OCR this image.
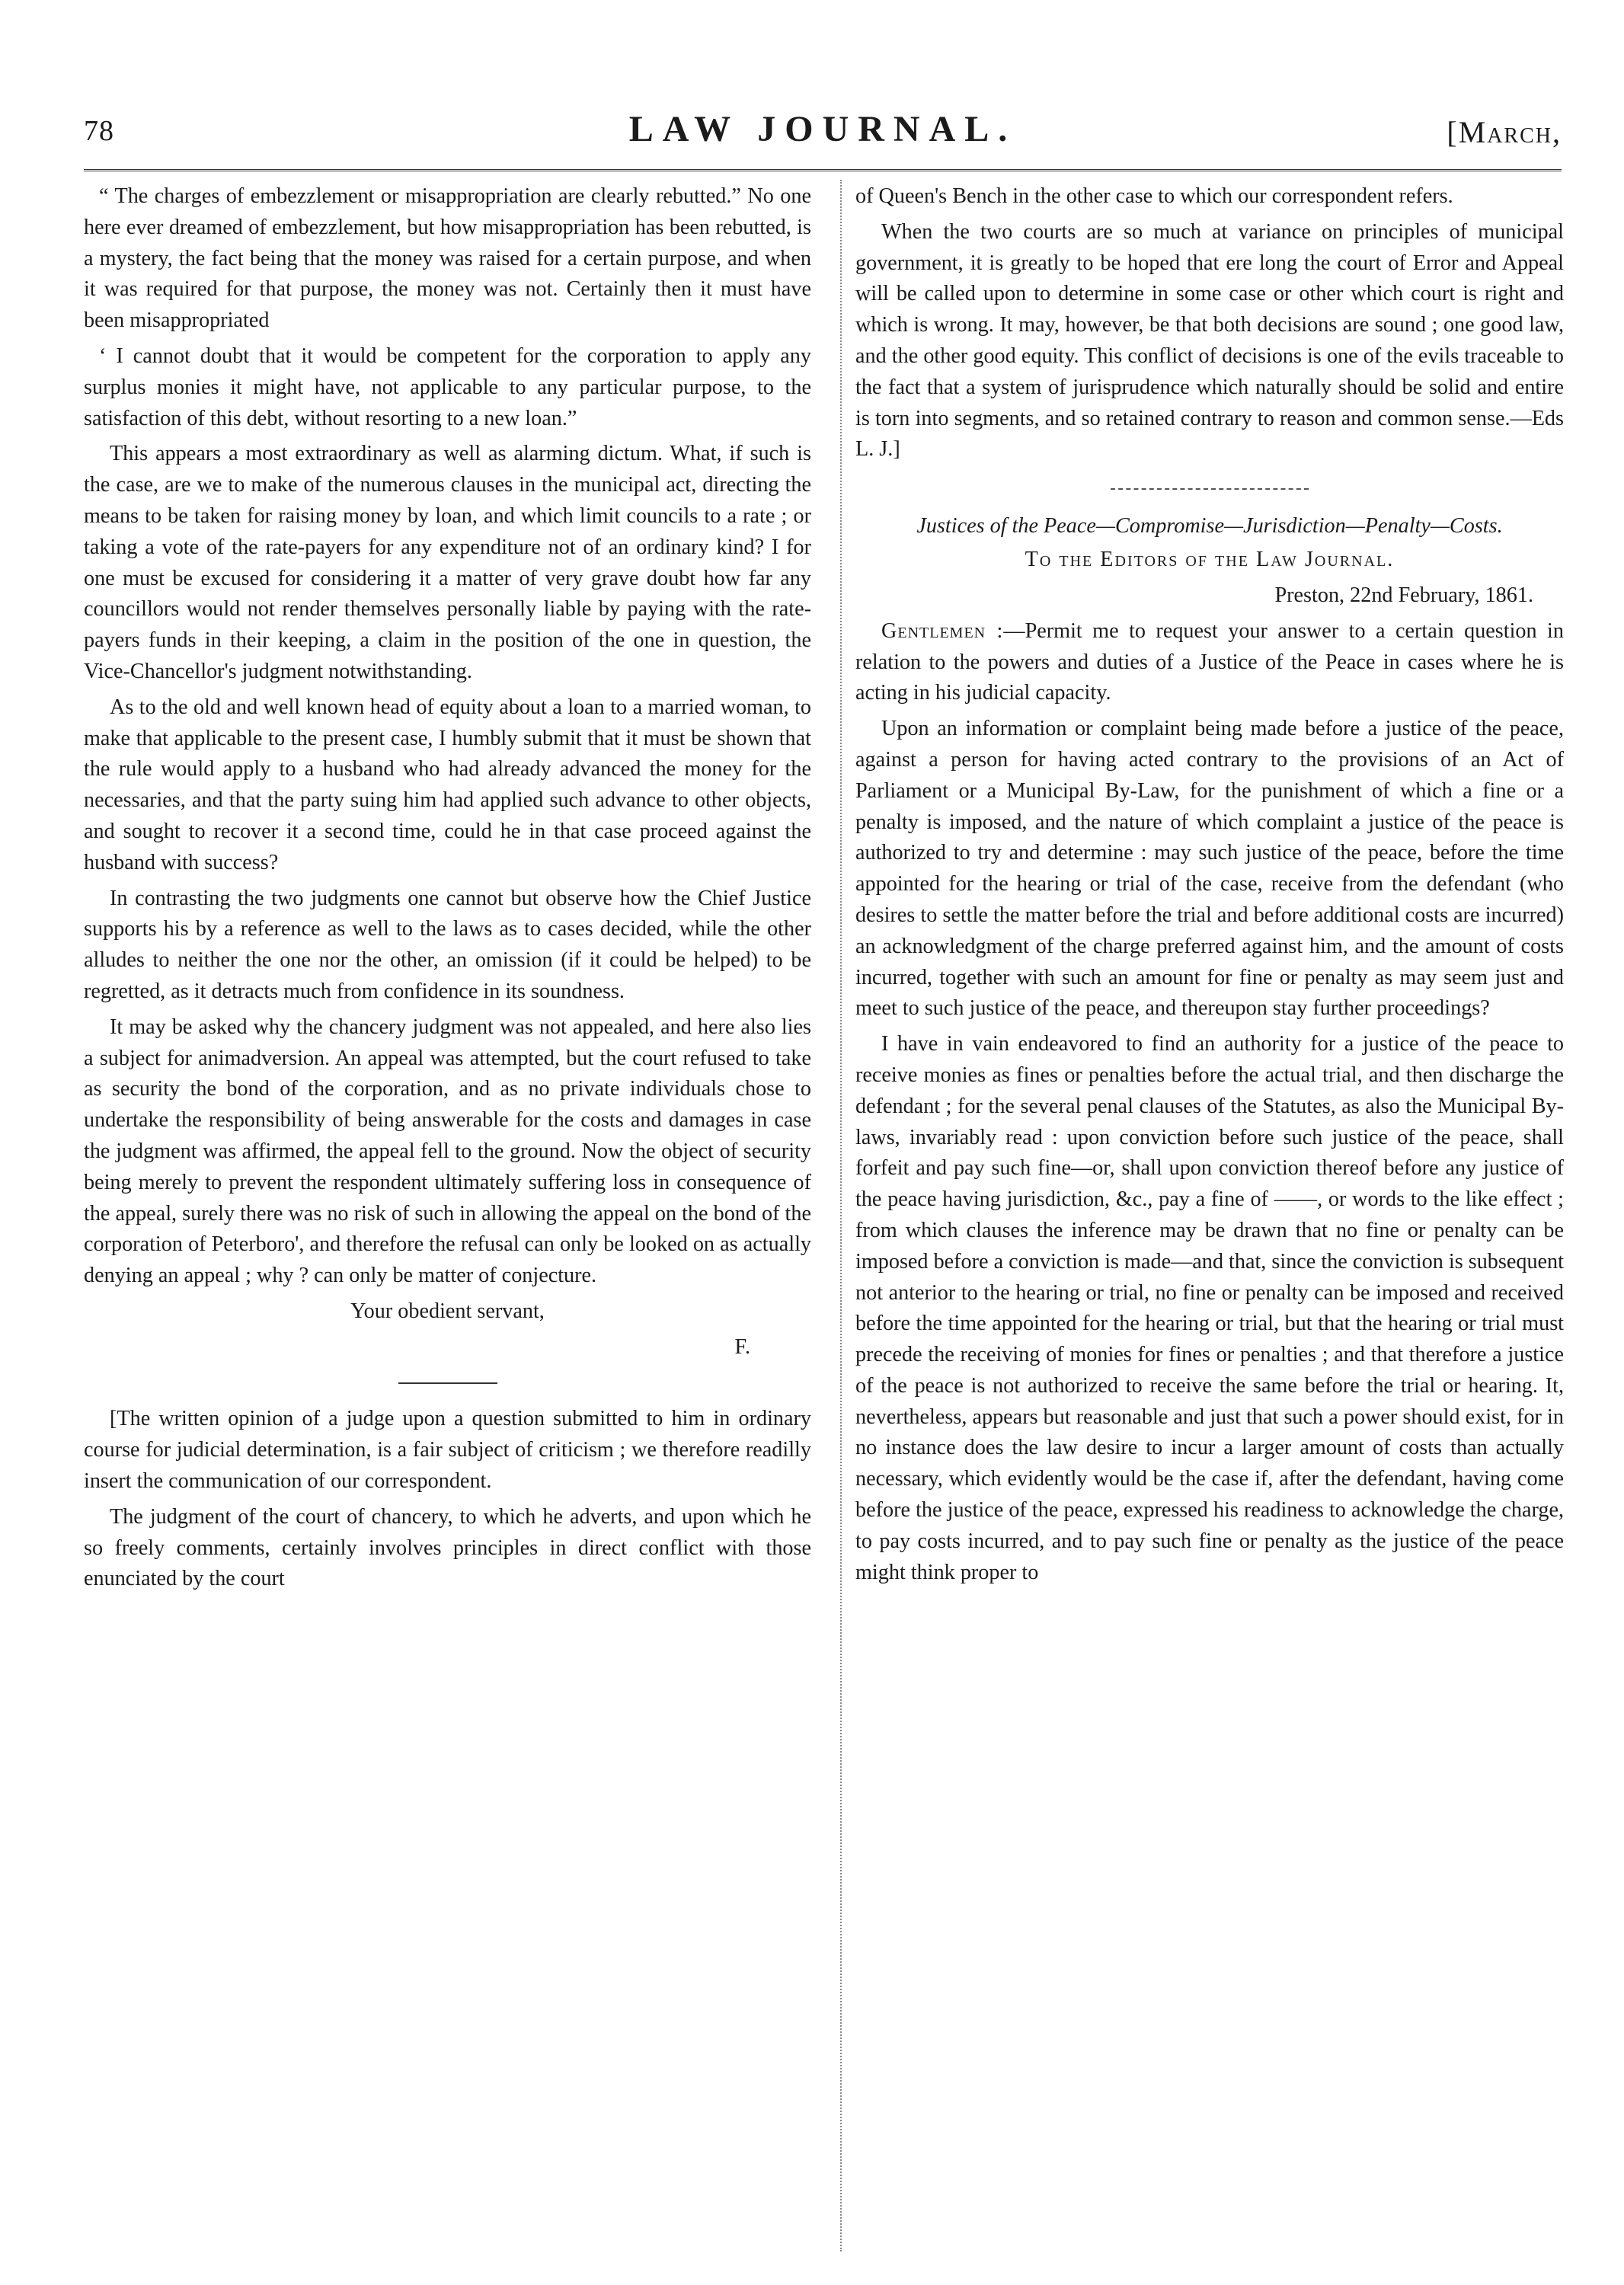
78	LAW JOURNAL.	[March,

“ The charges of embezzlement or misappropriation are clearly rebutted.” No one here ever dreamed of embezzlement, but how misappropriation has been rebutted, is a mystery, the fact being that the money was raised for a certain purpose, and when it was required for that purpose, the money was not. Certainly then it must have been misappropriated

‘ I cannot doubt that it would be competent for the corporation to apply any surplus monies it might have, not applicable to any particular purpose, to the satisfaction of this debt, without resorting to a new loan.”

This appears a most extraordinary as well as alarming dictum. What, if such is the case, are we to make of the numerous clauses in the municipal act, directing the means to be taken for raising money by loan, and which limit councils to a rate ; or taking a vote of the rate-payers for any expenditure not of an ordinary kind? I for one must be excused for considering it a matter of very grave doubt how far any councillors would not render themselves personally liable by paying with the rate-payers funds in their keeping, a claim in the position of the one in question, the Vice-Chancellor's judgment notwithstanding.

As to the old and well known head of equity about a loan to a married woman, to make that applicable to the present case, I humbly submit that it must be shown that the rule would apply to a husband who had already advanced the money for the necessaries, and that the party suing him had applied such advance to other objects, and sought to recover it a second time, could he in that case proceed against the husband with success?

In contrasting the two judgments one cannot but observe how the Chief Justice supports his by a reference as well to the laws as to cases decided, while the other alludes to neither the one nor the other, an omission (if it could be helped) to be regretted, as it detracts much from confidence in its soundness.

It may be asked why the chancery judgment was not appealed, and here also lies a subject for animadversion. An appeal was attempted, but the court refused to take as security the bond of the corporation, and as no private individuals chose to undertake the responsibility of being answerable for the costs and damages in case the judgment was affirmed, the appeal fell to the ground. Now the object of security being merely to prevent the respondent ultimately suffering loss in consequence of the appeal, surely there was no risk of such in allowing the appeal on the bond of the corporation of Peterboro', and therefore the refusal can only be looked on as actually denying an appeal ; why ? can only be matter of conjecture.

Your obedient servant,

F.

[The written opinion of a judge upon a question submitted to him in ordinary course for judicial determination, is a fair subject of criticism ; we therefore readilly insert the communication of our correspondent.

The judgment of the court of chancery, to which he adverts, and upon which he so freely comments, certainly involves principles in direct conflict with those enunciated by the court

of Queen's Bench in the other case to which our correspondent refers.

When the two courts are so much at variance on principles of municipal government, it is greatly to be hoped that ere long the court of Error and Appeal will be called upon to determine in some case or other which court is right and which is wrong. It may, however, be that both decisions are sound ; one good law, and the other good equity. This conflict of decisions is one of the evils traceable to the fact that a system of jurisprudence which naturally should be solid and entire is torn into segments, and so retained contrary to reason and common sense.—Eds L. J.]

Justices of the Peace—Compromise—Jurisdiction—Penalty—Costs.

To the Editors of the Law Journal.

Preston, 22nd February, 1861.

Gentlemen :—Permit me to request your answer to a certain question in relation to the powers and duties of a Justice of the Peace in cases where he is acting in his judicial capacity.

Upon an information or complaint being made before a justice of the peace, against a person for having acted contrary to the provisions of an Act of Parliament or a Municipal By-Law, for the punishment of which a fine or a penalty is imposed, and the nature of which complaint a justice of the peace is authorized to try and determine : may such justice of the peace, before the time appointed for the hearing or trial of the case, receive from the defendant (who desires to settle the matter before the trial and before additional costs are incurred) an acknowledgment of the charge preferred against him, and the amount of costs incurred, together with such an amount for fine or penalty as may seem just and meet to such justice of the peace, and thereupon stay further proceedings?

I have in vain endeavored to find an authority for a justice of the peace to receive monies as fines or penalties before the actual trial, and then discharge the defendant ; for the several penal clauses of the Statutes, as also the Municipal By-laws, invariably read : upon conviction before such justice of the peace, shall forfeit and pay such fine—or, shall upon conviction thereof before any justice of the peace having jurisdiction, &c., pay a fine of ——, or words to the like effect ; from which clauses the inference may be drawn that no fine or penalty can be imposed before a conviction is made—and that, since the conviction is subsequent not anterior to the hearing or trial, no fine or penalty can be imposed and received before the time appointed for the hearing or trial, but that the hearing or trial must precede the receiving of monies for fines or penalties ; and that therefore a justice of the peace is not authorized to receive the same before the trial or hearing. It, nevertheless, appears but reasonable and just that such a power should exist, for in no instance does the law desire to incur a larger amount of costs than actually necessary, which evidently would be the case if, after the defendant, having come before the justice of the peace, expressed his readiness to acknowledge the charge, to pay costs incurred, and to pay such fine or penalty as the justice of the peace might think proper to
